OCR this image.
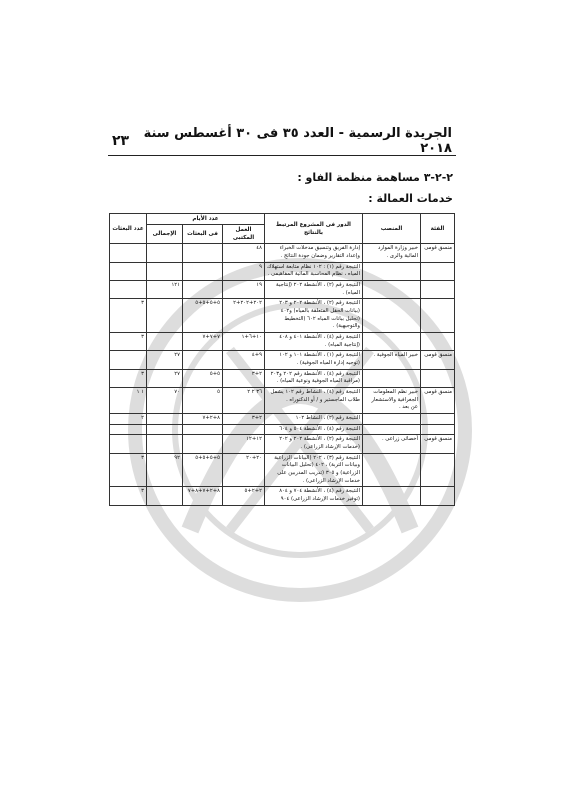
الجريدة الرسمية - العدد ٣٥ فى ٣٠ أغسطس سنة ٢٠١٨
٢٣
٢-٢-٣ مساهمة منظمة الفاو :
خدمات العمالة :
الفئة	المنصب	الدور فى المشروع المرتبط بالنتائج	عدد الأيام			عدد البعثات
			العمل المكتبى	فى البعثات	الإجمالى	
منسق قومى	خبير وزارة الموارد المائية والرى .	إدارة الفريق وتنسيق مدخلات الخبراء وإعداد التقارير وضمان جودة النتائج .	٤٨			
		النتيجة رقم (١) : ١٠٢ نظام متابعة استهلاك المياه ، نظام المحاسبة المائية المفاهيمى .	٩			
		النتيجة رقم (٢) ، الأنشطة ٢٠٢ (إنتاجية المياه) .	١٩		١٢١	
		النتيجة رقم (٢) ، الأنشطة ٢٠٢ و ٢٠٣ (بيانات الحقل المتعلقة بالمياه) و٤٠٢ (تحليل بيانات المياه ٦٠٢ (التخطيط والتوجيهية) .	٢٠٢+٢٠٢+٢	٥+٥+٥+٥		٣
		النتيجة رقم (٤) ، الأنشطة ٤٠١ و ٤٠٨ (إنتاجية المياه) .	١٠+٦+١	٧+٧+٧		٣
منسق قومى	خبير المياه الجوفية .	النتيجة رقم (١) ، الأنشطة ١٠١ و ١٠٢ (توجيه إدارة المياه الجوفية) .	٩+٤		٢٧	
		النتيجة رقم (٤) ، الأنشطة رقم ٢٠٢ و٢٠٣ (مراقبة المياه الجوفية ونوعية المياه) .	٢+٣	٥+٥	٢٧	٣
منسق قومى	خبير نظم المعلومات الجغرافية والاستشعار عن بعد .	النتيجة رقم (٤) ، النشاط رقم ١٠٢ يشمل طلاب الماجستير و / أو الدكتوراه .	٣٦ ٢ ٢	٥	٧٠	١ ١
		النتيجة رقم (٢) ، النشاط ١٠٢	٢+٣	٨+٢+٧		٢
		النتيجة رقم (٤) ، الأنشطة ٥٠٤ و ٦٠٤				
منسق قومى	أخصائى زراعى .	النتيجة رقم (٢) ، الأنشطة ٢٠٢ و ٢٠٢ (خدمات الإرشاد الزراعى) .	١٢+١٢			
		النتيجة رقم (٣) ، ٢٠٢ (البيانات الزراعية وبيانات التربة) ، ٤٠٢ (تحليل البيانات الزراعية) و ٣٠٥ (تدريب المدربين على خدمات الإرشاد الزراعى) .	٢٠+٢٠	٥+٥+٥+٥	٩٢	٣
		النتيجة رقم (٤) ، الأنشطة ٧٠٤ و ٨٠٤ (توفير خدمات الإرشاد الزراعى) ٩٠٤	٢+٢+٥	٨+٢+٧+٨+٧		٣
